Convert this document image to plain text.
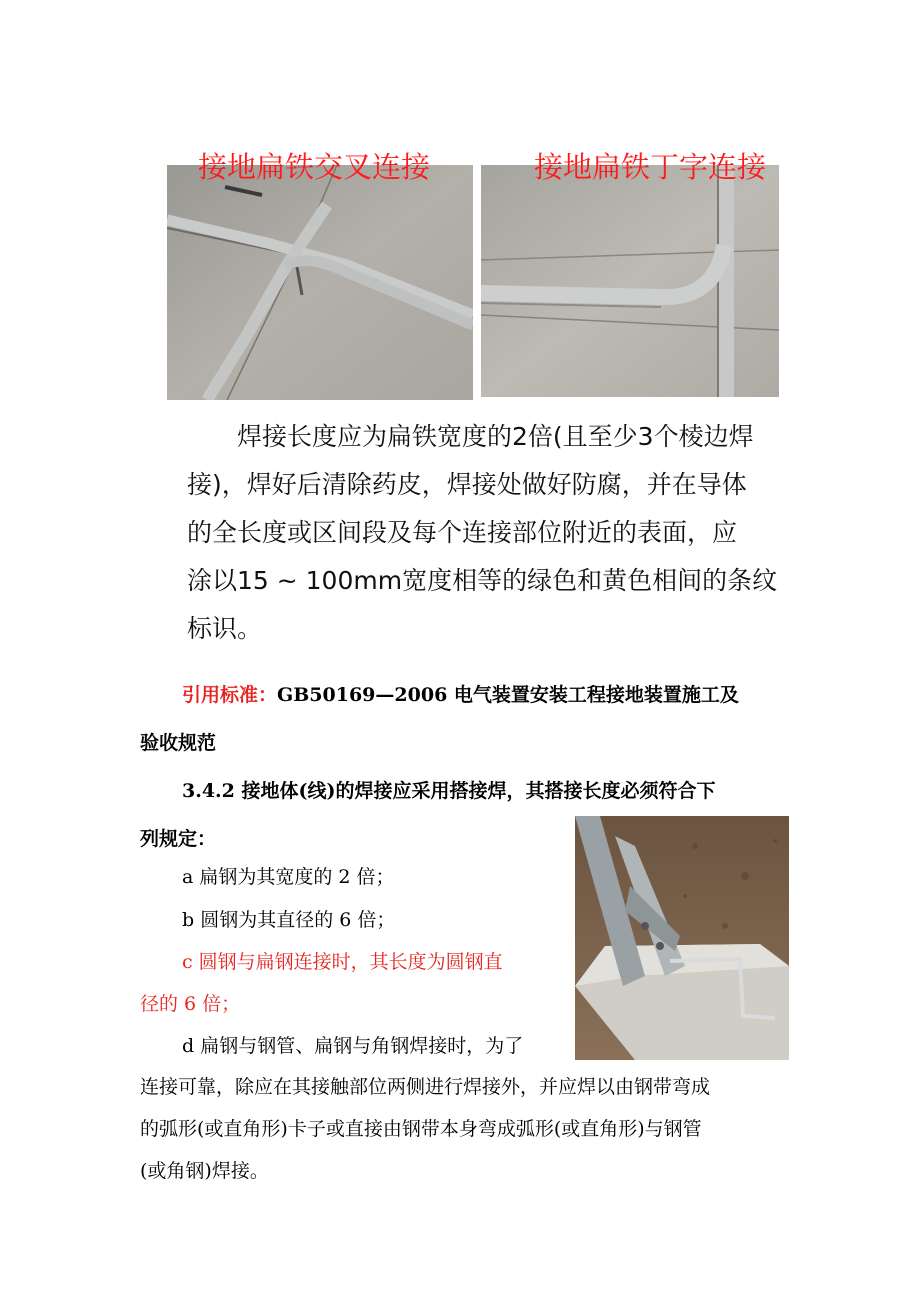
接地扁铁交叉连接	接地扁铁丁字连接
焊接长度应为扁铁宽度的2倍(且至少3个棱边焊
接)，焊好后清除药皮，焊接处做好防腐，并在导体
的全长度或区间段及每个连接部位附近的表面，应
涂以15 ~ 100mm宽度相等的绿色和黄色相间的条纹
标识。
引用标准：GB50169—2006 电气装置安装工程接地装置施工及
验收规范
3.4.2 接地体(线)的焊接应采用搭接焊，其搭接长度必须符合下
列规定：
a 扁钢为其宽度的 2 倍；
b 圆钢为其直径的 6 倍；
c 圆钢与扁钢连接时，其长度为圆钢直
径的 6 倍；
d 扁钢与钢管、扁钢与角钢焊接时，为了
连接可靠，除应在其接触部位两侧进行焊接外，并应焊以由钢带弯成
的弧形(或直角形)卡子或直接由钢带本身弯成弧形(或直角形)与钢管
(或角钢)焊接。
